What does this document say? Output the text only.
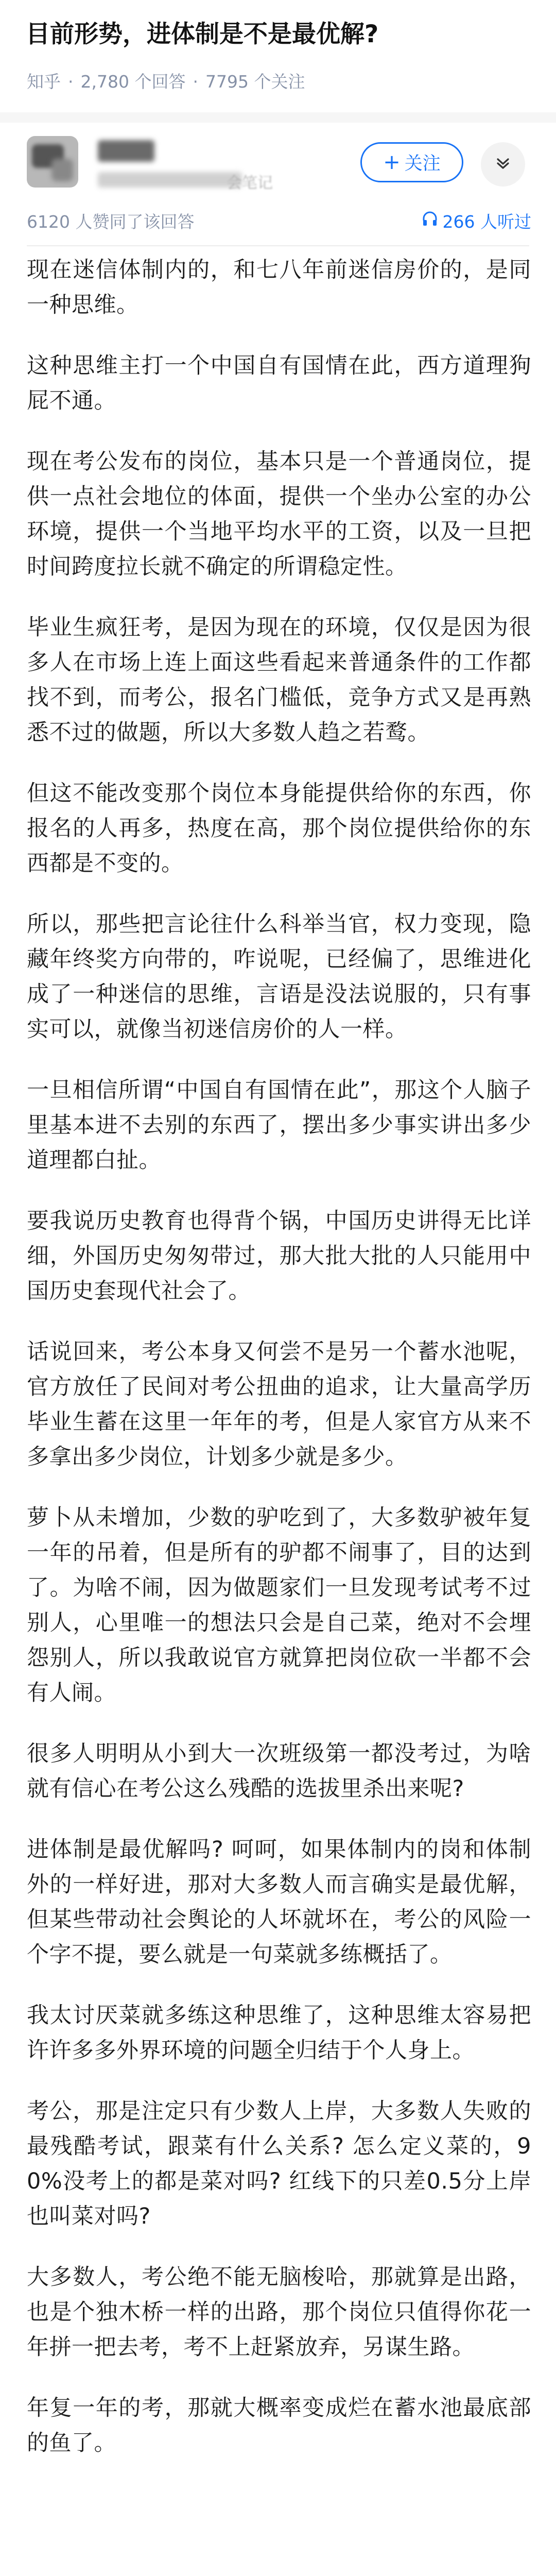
目前形势，进体制是不是最优解?
知乎 · 2,780 个回答 · 7795 个关注
会笔记
+ 关注
6120 人赞同了该回答	266 人听过

现在迷信体制内的，和七八年前迷信房价的，是同一种思维。

这种思维主打一个中国自有国情在此，西方道理狗屁不通。

现在考公发布的岗位，基本只是一个普通岗位，提供一点社会地位的体面，提供一个坐办公室的办公环境，提供一个当地平均水平的工资，以及一旦把时间跨度拉长就不确定的所谓稳定性。

毕业生疯狂考，是因为现在的环境，仅仅是因为很多人在市场上连上面这些看起来普通条件的工作都找不到，而考公，报名门槛低，竞争方式又是再熟悉不过的做题，所以大多数人趋之若鹜。

但这不能改变那个岗位本身能提供给你的东西，你报名的人再多，热度在高，那个岗位提供给你的东西都是不变的。

所以，那些把言论往什么科举当官，权力变现，隐藏年终奖方向带的，咋说呢，已经偏了，思维进化成了一种迷信的思维，言语是没法说服的，只有事实可以，就像当初迷信房价的人一样。

一旦相信所谓“中国自有国情在此”，那这个人脑子里基本进不去别的东西了，摆出多少事实讲出多少道理都白扯。

要我说历史教育也得背个锅，中国历史讲得无比详细，外国历史匆匆带过，那大批大批的人只能用中国历史套现代社会了。

话说回来，考公本身又何尝不是另一个蓄水池呢，官方放任了民间对考公扭曲的追求，让大量高学历毕业生蓄在这里一年年的考，但是人家官方从来不多拿出多少岗位，计划多少就是多少。

萝卜从未增加，少数的驴吃到了，大多数驴被年复一年的吊着，但是所有的驴都不闹事了，目的达到了。为啥不闹，因为做题家们一旦发现考试考不过别人，心里唯一的想法只会是自己菜，绝对不会埋怨别人，所以我敢说官方就算把岗位砍一半都不会有人闹。

很多人明明从小到大一次班级第一都没考过，为啥就有信心在考公这么残酷的选拔里杀出来呢?

进体制是最优解吗? 呵呵，如果体制内的岗和体制外的一样好进，那对大多数人而言确实是最优解，但某些带动社会舆论的人坏就坏在，考公的风险一个字不提，要么就是一句菜就多练概括了。

我太讨厌菜就多练这种思维了，这种思维太容易把许许多多外界环境的问题全归结于个人身上。

考公，那是注定只有少数人上岸，大多数人失败的最残酷考试，跟菜有什么关系? 怎么定义菜的，90%没考上的都是菜对吗? 红线下的只差0.5分上岸也叫菜对吗?

大多数人，考公绝不能无脑梭哈，那就算是出路，也是个独木桥一样的出路，那个岗位只值得你花一年拼一把去考，考不上赶紧放弃，另谋生路。

年复一年的考，那就大概率变成烂在蓄水池最底部的鱼了。
